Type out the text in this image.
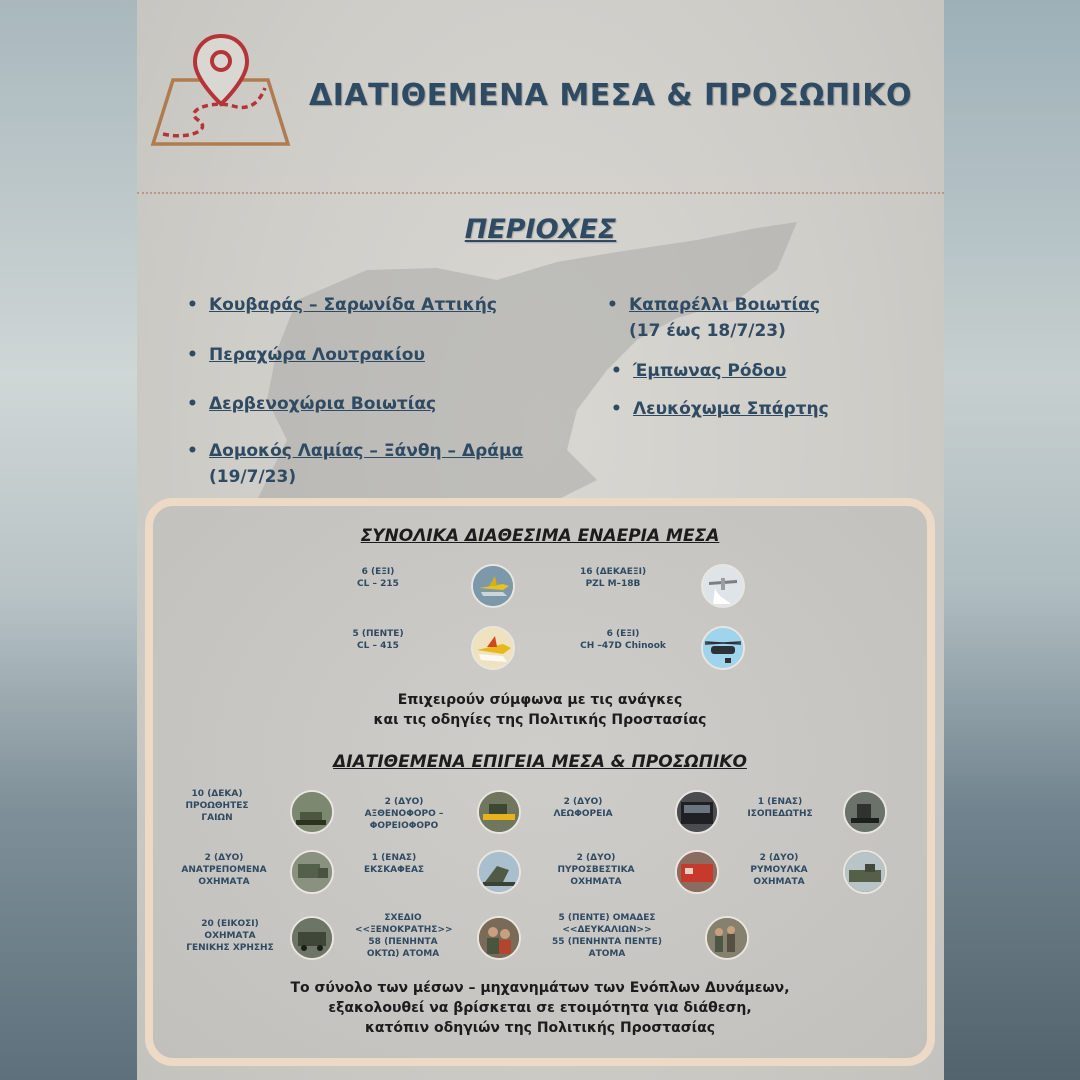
ΔΙΑΤΙΘΕΜΕΝΑ ΜΕΣΑ & ΠΡΟΣΩΠΙΚΟ
ΠΕΡΙΟΧΕΣ
• Κουβαράς – Σαρωνίδα Αττικής
• Περαχώρα Λουτρακίου
• Δερβενοχώρια Βοιωτίας
• Δομοκός Λαμίας – Ξάνθη – Δράμα
(19/7/23)
• Καπαρέλλι Βοιωτίας
(17 έως 18/7/23)
• Έμπωνας Ρόδου
• Λευκόχωμα Σπάρτης
ΣΥΝΟΛΙΚΑ ΔΙΑΘΕΣΙΜΑ ΕΝΑΕΡΙΑ ΜΕΣΑ
6 (ΕΞΙ)
CL – 215
16 (ΔΕΚΑΕΞΙ)
PZL M–18B
5 (ΠΕΝΤΕ)
CL – 415
6 (ΕΞΙ)
CH –47D Chinook
Επιχειρούν σύμφωνα με τις ανάγκες
και τις οδηγίες της Πολιτικής Προστασίας
ΔΙΑΤΙΘΕΜΕΝΑ ΕΠΙΓΕΙΑ ΜΕΣΑ & ΠΡΟΣΩΠΙΚΟ
10 (ΔΕΚΑ)
ΠΡΟΩΘΗΤΕΣ
ΓΑΙΩΝ
2 (ΔΥΟ)
ΑΞΘΕΝΟΦΟΡΟ –
ΦΟΡΕΙΟΦΟΡΟ
2 (ΔΥΟ)
ΛΕΩΦΟΡΕΙΑ
1 (ΕΝΑΣ)
ΙΣΟΠΕΔΩΤΗΣ
2 (ΔΥΟ)
ΑΝΑΤΡΕΠΟΜΕΝΑ
ΟΧΗΜΑΤΑ
1 (ΕΝΑΣ)
ΕΚΣΚΑΦΕΑΣ
2 (ΔΥΟ)
ΠΥΡΟΣΒΕΣΤΙΚΑ
ΟΧΗΜΑΤΑ
2 (ΔΥΟ)
ΡΥΜΟΥΛΚΑ
ΟΧΗΜΑΤΑ
20 (ΕΙΚΟΣΙ)
ΟΧΗΜΑΤΑ
ΓΕΝΙΚΗΣ ΧΡΗΣΗΣ
ΣΧΕΔΙΟ
<<ΞΕΝΟΚΡΑΤΗΣ>>
58 (ΠΕΝΗΝΤΑ
ΟΚΤΩ) ΑΤΟΜΑ
5 (ΠΕΝΤΕ) ΟΜΑΔΕΣ
<<ΔΕΥΚΑΛΙΩΝ>>
55 (ΠΕΝΗΝΤΑ ΠΕΝΤΕ)
ΑΤΟΜΑ
Το σύνολο των μέσων – μηχανημάτων των Ενόπλων Δυνάμεων,
εξακολουθεί να βρίσκεται σε ετοιμότητα για διάθεση,
κατόπιν οδηγιών της Πολιτικής Προστασίας
